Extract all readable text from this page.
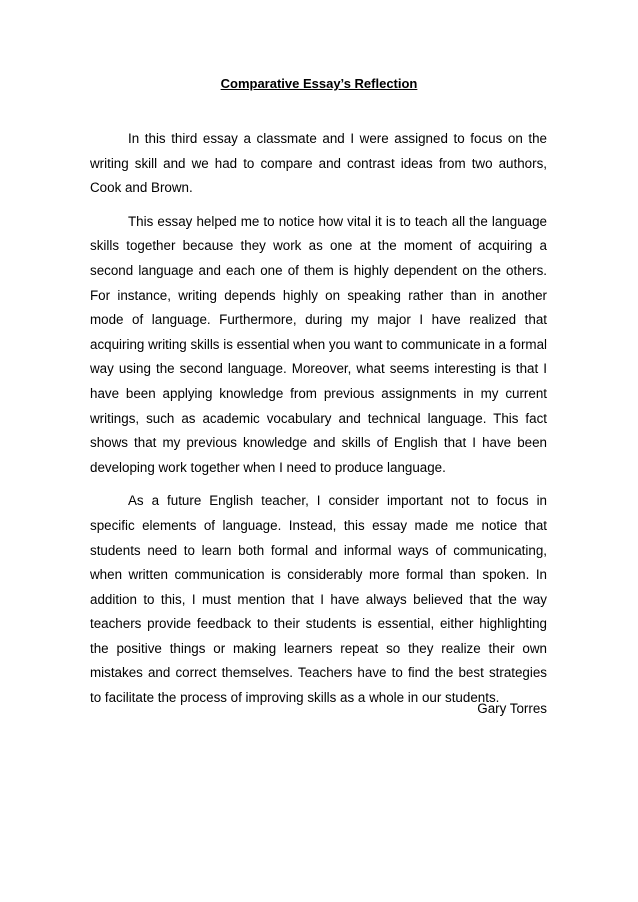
Comparative Essay’s Reflection

In this third essay a classmate and I were assigned to focus on the writing skill and we had to compare and contrast ideas from two authors, Cook and Brown.

This essay helped me to notice how vital it is to teach all the language skills together because they work as one at the moment of acquiring a second language and each one of them is highly dependent on the others. For instance, writing depends highly on speaking rather than in another mode of language. Furthermore, during my major I have realized that acquiring writing skills is essential when you want to communicate in a formal way using the second language. Moreover, what seems interesting is that I have been applying knowledge from previous assignments in my current writings, such as academic vocabulary and technical language. This fact shows that my previous knowledge and skills of English that I have been developing work together when I need to produce language.

As a future English teacher, I consider important not to focus in specific elements of language. Instead, this essay made me notice that students need to learn both formal and informal ways of communicating, when written communication is considerably more formal than spoken. In addition to this, I must mention that I have always believed that the way teachers provide feedback to their students is essential, either highlighting the positive things or making learners repeat so they realize their own mistakes and correct themselves. Teachers have to find the best strategies to facilitate the process of improving skills as a whole in our students.

Gary Torres
